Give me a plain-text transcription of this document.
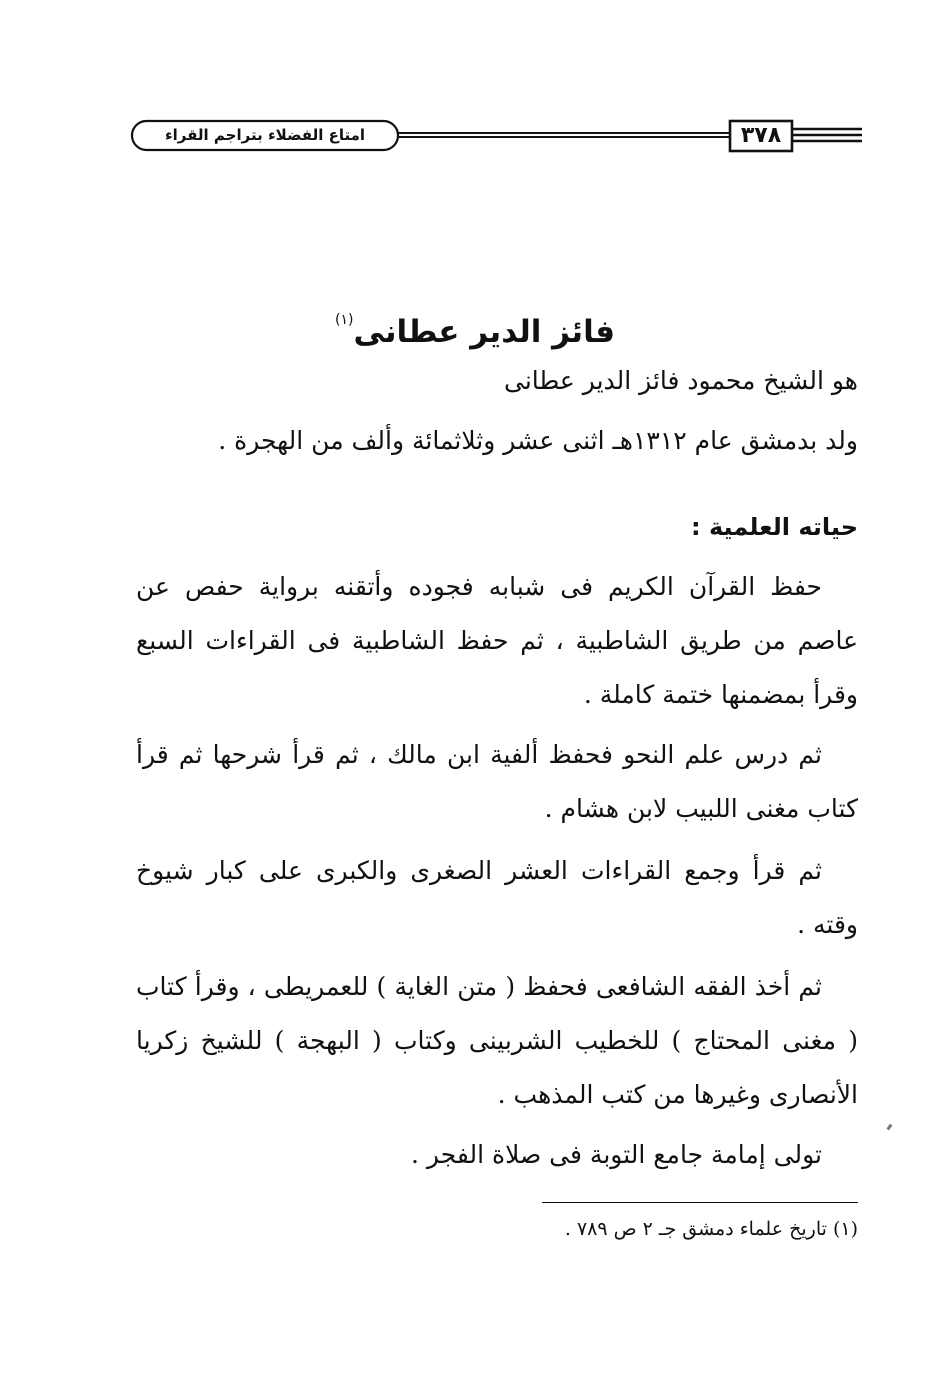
امتاع الفضلاء بتراجم القراء	٣٧٨
فائز الدير عطانى$^{(١)}$

هو الشيخ محمود فائز الدير عطانى

ولد بدمشق عام ١٣١٢هـ اثنى عشر وثلاثمائة وألف من الهجرة .

حياته العلمية :

حفظ القرآن الكريم فى شبابه فجوده وأتقنه برواية حفص عن عاصم من طريق الشاطبية ، ثم حفظ الشاطبية فى القراءات السبع وقرأ بمضمنها ختمة كاملة .

ثم درس علم النحو فحفظ ألفية ابن مالك ، ثم قرأ شرحها ثم قرأ كتاب مغنى اللبيب لابن هشام .

ثم قرأ وجمع القراءات العشر الصغرى والكبرى على كبار شيوخ وقته .

ثم أخذ الفقه الشافعى فحفظ ( متن الغاية ) للعمريطى ، وقرأ كتاب ( مغنى المحتاج ) للخطيب الشربينى وكتاب ( البهجة ) للشيخ زكريا الأنصارى وغيرها من كتب المذهب .

تولى إمامة جامع التوبة فى صلاة الفجر .

(١) تاريخ علماء دمشق جـ ٢ ص ٧٨٩ .
